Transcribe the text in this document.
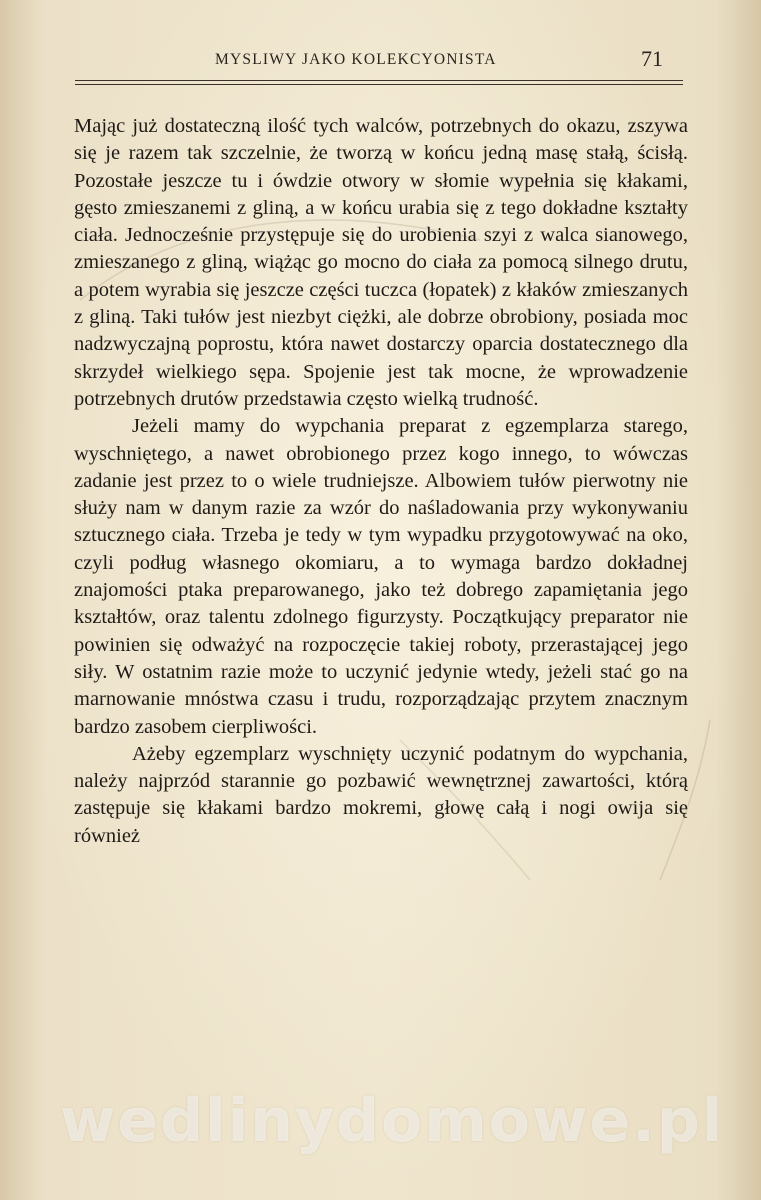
MYSLIWY JAKO KOLEKCYONISTA	71

Mając już dostateczną ilość tych walców, potrzebnych do okazu, zszywa się je razem tak szczelnie, że tworzą w końcu jedną masę stałą, ścisłą. Pozostałe jeszcze tu i ówdzie otwory w słomie wypełnia się kłakami, gęsto zmieszanemi z gliną, a w końcu urabia się z tego dokładne kształty ciała. Jednocześnie przystępuje się do urobienia szyi z walca sianowego, zmieszanego z gliną, wiążąc go mocno do ciała za pomocą silnego drutu, a potem wyrabia się jeszcze części tuczca (łopatek) z kłaków zmieszanych z gliną. Taki tułów jest niezbyt ciężki, ale dobrze obrobiony, posiada moc nadzwyczajną poprostu, która nawet dostarczy oparcia dostatecznego dla skrzydeł wielkiego sępa. Spojenie jest tak mocne, że wprowadzenie potrzebnych drutów przedstawia często wielką trudność.

Jeżeli mamy do wypchania preparat z egzemplarza starego, wyschniętego, a nawet obrobionego przez kogo innego, to wówczas zadanie jest przez to o wiele trudniejsze. Albowiem tułów pierwotny nie służy nam w danym razie za wzór do naśladowania przy wykonywaniu sztucznego ciała. Trzeba je tedy w tym wypadku przygotowywać na oko, czyli podług własnego okomiaru, a to wymaga bardzo dokładnej znajomości ptaka preparowanego, jako też dobrego zapamiętania jego kształtów, oraz talentu zdolnego figurzysty. Początkujący preparator nie powinien się odważyć na rozpoczęcie takiej roboty, przerastającej jego siły. W ostatnim razie może to uczynić jedynie wtedy, jeżeli stać go na marnowanie mnóstwa czasu i trudu, rozporządzając przytem znacznym bardzo zasobem cierpliwości.

Ażeby egzemplarz wyschnięty uczynić podatnym do wypchania, należy najprzód starannie go pozbawić wewnętrznej zawartości, którą zastępuje się kłakami bardzo mokremi, głowę całą i nogi owija się również

wedlinydomowe.pl
